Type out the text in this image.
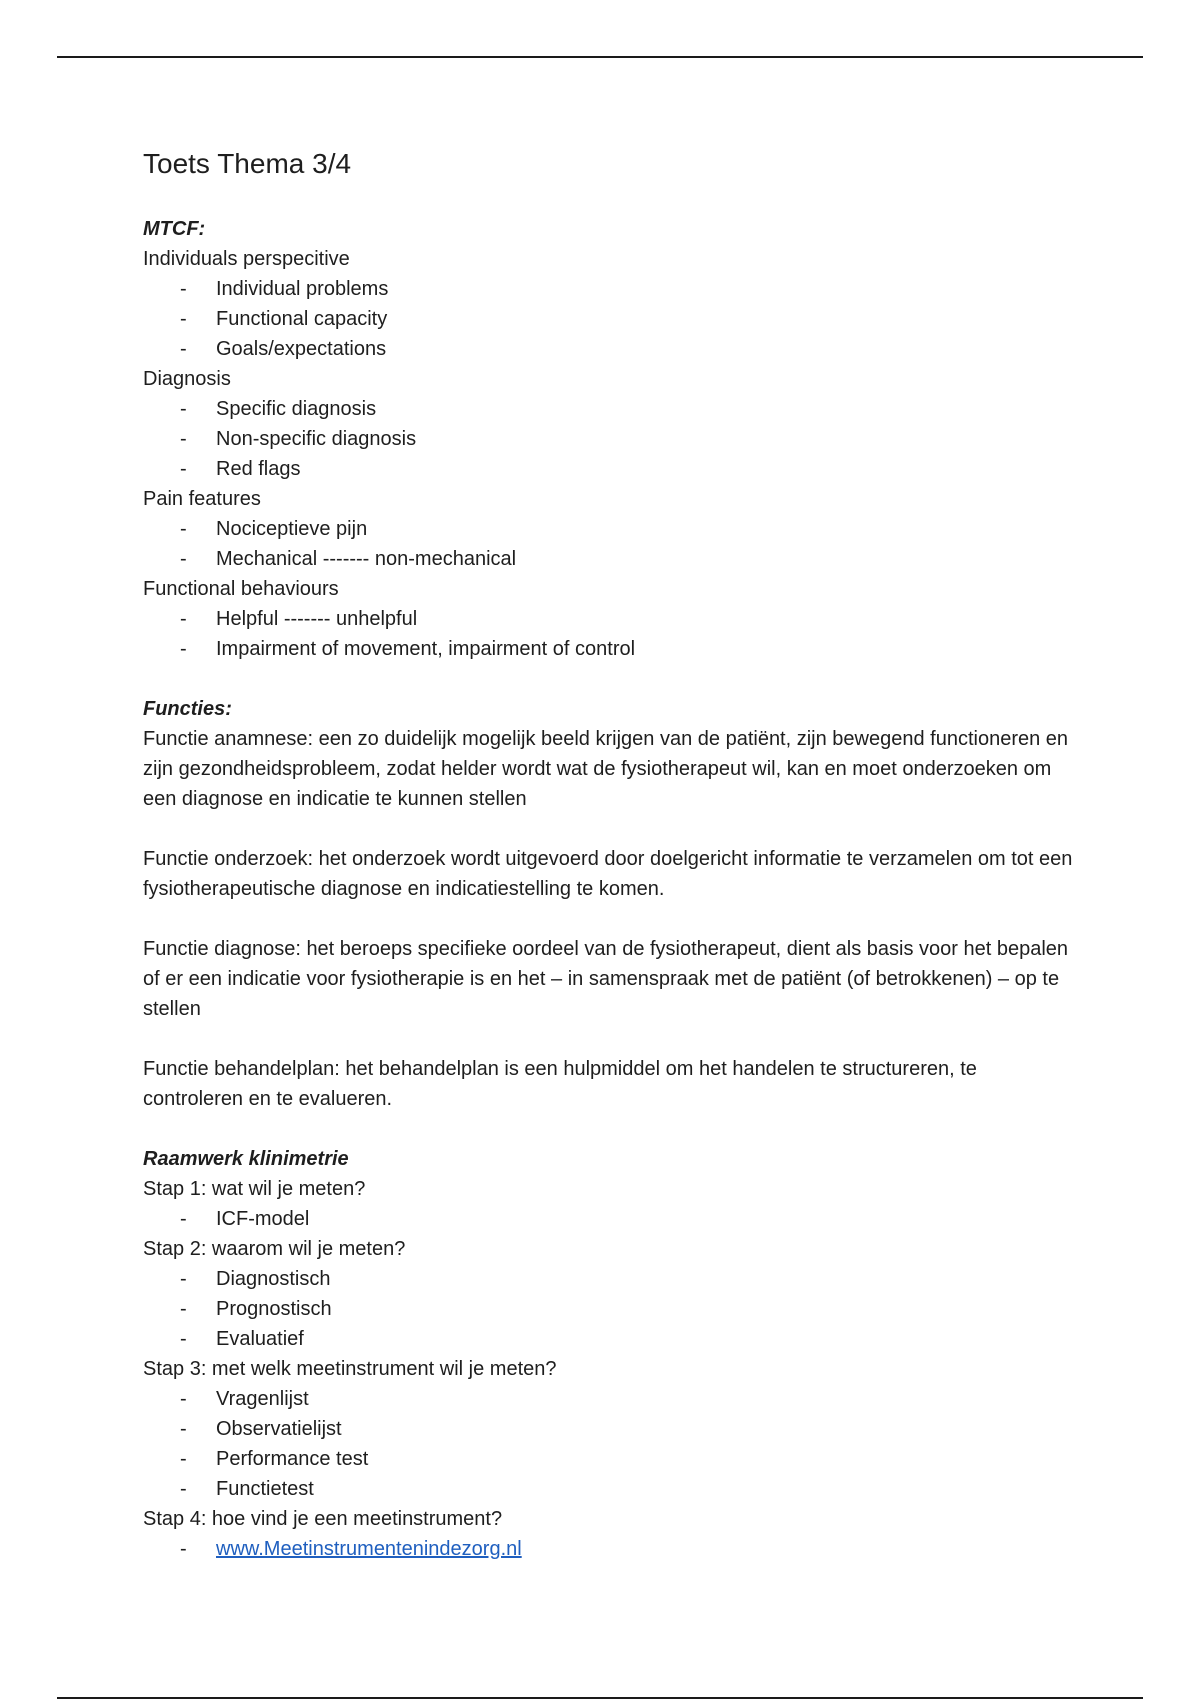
Toets Thema 3/4

MTCF:

Individuals perspecitive

- Individual problems
- Functional capacity
- Goals/expectations

Diagnosis

- Specific diagnosis
- Non-specific diagnosis
- Red flags

Pain features

- Nociceptieve pijn
- Mechanical ------- non-mechanical

Functional behaviours

- Helpful ------- unhelpful
- Impairment of movement, impairment of control

Functies:

Functie anamnese: een zo duidelijk mogelijk beeld krijgen van de patiënt, zijn bewegend functioneren en zijn gezondheidsprobleem, zodat helder wordt wat de fysiotherapeut wil, kan en moet onderzoeken om een diagnose en indicatie te kunnen stellen

Functie onderzoek: het onderzoek wordt uitgevoerd door doelgericht informatie te verzamelen om tot een fysiotherapeutische diagnose en indicatiestelling te komen.

Functie diagnose: het beroeps specifieke oordeel van de fysiotherapeut, dient als basis voor het bepalen of er een indicatie voor fysiotherapie is en het – in samenspraak met de patiënt (of betrokkenen) – op te stellen

Functie behandelplan: het behandelplan is een hulpmiddel om het handelen te structureren, te controleren en te evalueren.

Raamwerk klinimetrie

Stap 1: wat wil je meten?

- ICF-model

Stap 2: waarom wil je meten?

- Diagnostisch
- Prognostisch
- Evaluatief

Stap 3: met welk meetinstrument wil je meten?

- Vragenlijst
- Observatielijst
- Performance test
- Functietest

Stap 4: hoe vind je een meetinstrument?

- www.Meetinstrumentenindezorg.nl
